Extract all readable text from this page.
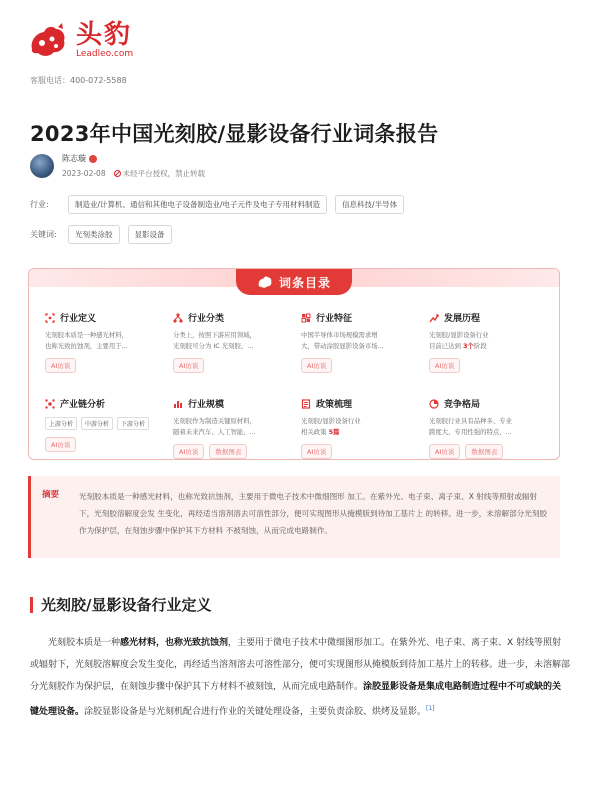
头豹
Leadleo.com
客服电话：400-072-5588
2023年中国光刻胶/显影设备行业词条报告
陈志璇
2023-02-08 未经平台授权，禁止转载
行业:	制造业/计算机、通信和其他电子设备制造业/电子元件及电子专用材料制造	信息科技/半导体
关键词:	光刻类涂胶	显影设备
词条目录
行业定义
光刻胶本质是一种感光材料，
也称光致抗蚀剂，主要用于...
AI访谈
行业分类
分类上，按照下游应用领域，
光刻胶可分为 IC 光刻胶、...
AI访谈
行业特征
中国半导体市场规模需求增
大，带动涂胶显影设备市场...
AI访谈
发展历程
光刻胶/显影设备行业
目前已达到 3个阶段
AI访谈
产业链分析
上游分析	中游分析	下游分析
AI访谈
行业规模
光刻胶作为制造关键原材料，
随着未来汽车、人工智能、...
AI访谈	数据图表
政策梳理
光刻胶/显影设备行业
相关政策 5篇
AI访谈
竞争格局
光刻胶行业具有品种多、专业
跨度大、专用性强的特点、...
AI访谈	数据图表
摘要	光刻胶本质是一种感光材料，也称光致抗蚀剂，主要用于微电子技术中微细图形 加工。在紫外光、电子束、离子束、X 射线等照射或辐射下，光刻胶溶解度会发 生变化，再经适当溶剂溶去可溶性部分，便可实现图形从掩模版到待加工基片上 的转移。进一步，未溶解部分光刻胶作为保护层，在刻蚀步骤中保护其下方材料 不被刻蚀，从而完成电路制作。
光刻胶/显影设备行业定义
光刻胶本质是一种感光材料，也称光致抗蚀剂，主要用于微电子技术中微细图形加工。在紫外光、电子束、离子束、X 射线等照射或辐射下，光刻胶溶解度会发生变化，再经适当溶剂溶去可溶性部分，便可实现图形从掩模版到待加工基片上的转移。进一步，未溶解部分光刻胶作为保护层，在刻蚀步骤中保护其下方材料不被刻蚀，从而完成电路制作。涂胶显影设备是集成电路制造过程中不可或缺的关键处理设备。涂胶显影设备是与光刻机配合进行作业的关键处理设备，主要负责涂胶、烘烤及显影。[1]
